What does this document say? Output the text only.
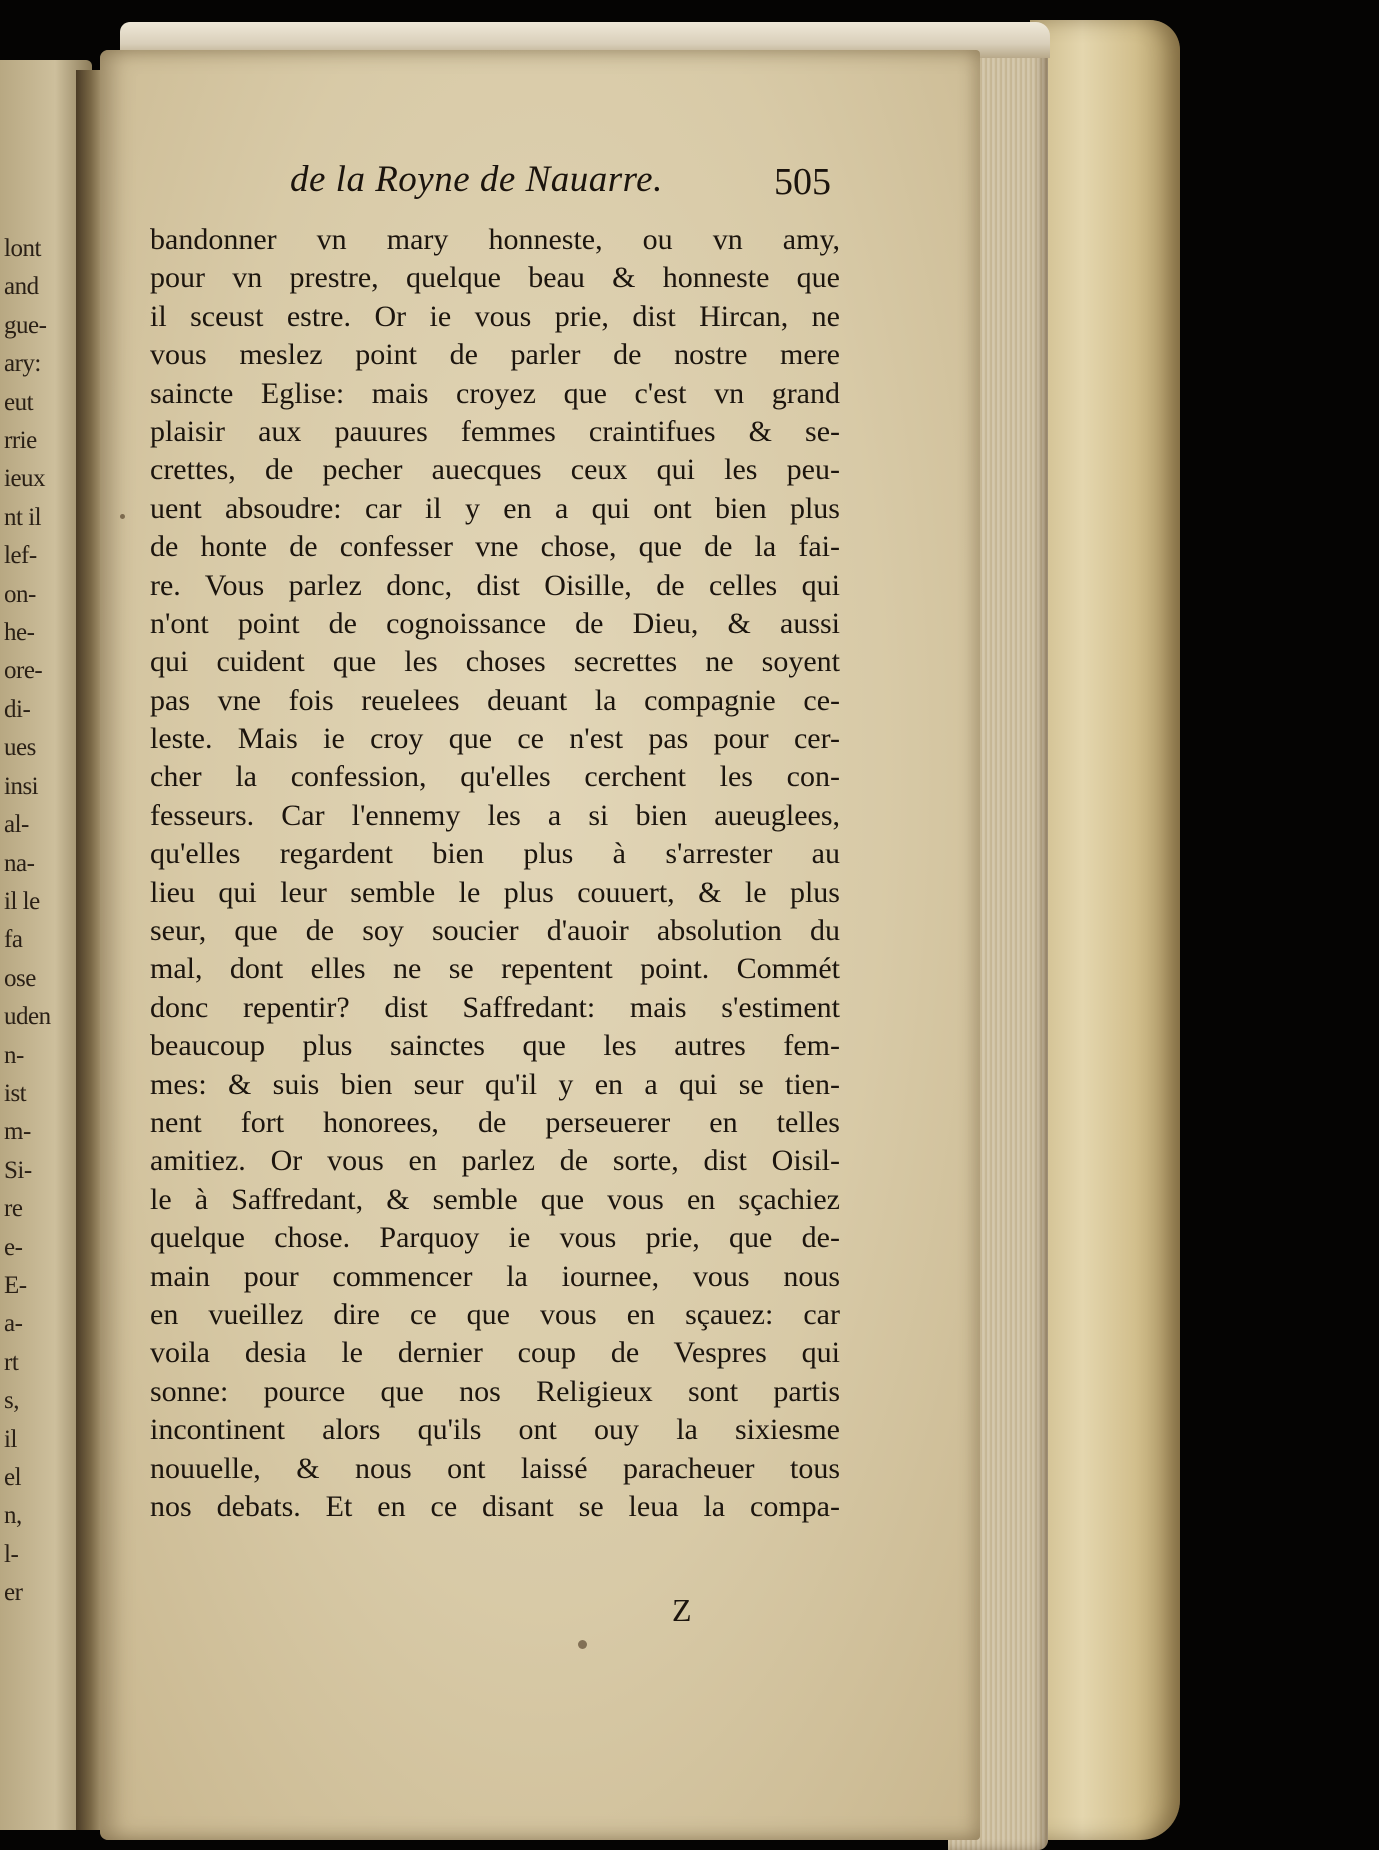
lont
and
gue-
ary:
eut
rrie
ieux
nt il
lef-
on-
he-
ore-
di-
ues
insi
al-
na-
il le
fa
ose
uden
n-
ist
m-
Si-
re
e-
E-
a-
rt
s,
il
el
n,
l-
er
de la Royne de Nauarre.	505
bandonner vn mary honneste, ou vn amy,
pour vn prestre, quelque beau & honneste que
il sceust estre. Or ie vous prie, dist Hircan, ne
vous meslez point de parler de nostre mere
saincte Eglise: mais croyez que c'est vn grand
plaisir aux pauures femmes craintifues & se-
crettes, de pecher auecques ceux qui les peu-
uent absoudre: car il y en a qui ont bien plus
de honte de confesser vne chose, que de la fai-
re. Vous parlez donc, dist Oisille, de celles qui
n'ont point de cognoissance de Dieu, & aussi
qui cuident que les choses secrettes ne soyent
pas vne fois reuelees deuant la compagnie ce-
leste. Mais ie croy que ce n'est pas pour cer-
cher la confession, qu'elles cerchent les con-
fesseurs. Car l'ennemy les a si bien aueuglees,
qu'elles regardent bien plus à s'arrester au
lieu qui leur semble le plus couuert, & le plus
seur, que de soy soucier d'auoir absolution du
mal, dont elles ne se repentent point. Commét
donc repentir? dist Saffredant: mais s'estiment
beaucoup plus sainctes que les autres fem-
mes: & suis bien seur qu'il y en a qui se tien-
nent fort honorees, de perseuerer en telles
amitiez. Or vous en parlez de sorte, dist Oisil-
le à Saffredant, & semble que vous en sçachiez
quelque chose. Parquoy ie vous prie, que de-
main pour commencer la iournee, vous nous
en vueillez dire ce que vous en sçauez: car
voila desia le dernier coup de Vespres qui
sonne: pource que nos Religieux sont partis
incontinent alors qu'ils ont ouy la sixiesme
nouuelle, & nous ont laissé paracheuer tous
nos debats. Et en ce disant se leua la compa-
Z
